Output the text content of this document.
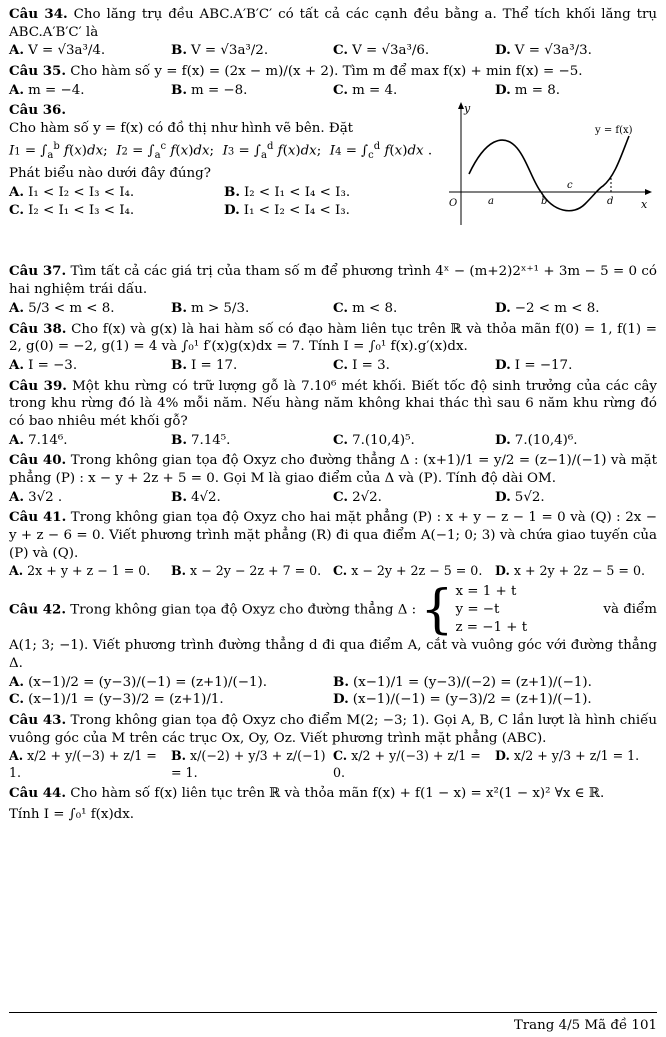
Câu 34. Cho lăng trụ đều ABC.A′B′C′ có tất cả các cạnh đều bằng a. Thể tích khối lăng trụ ABC.A′B′C′ là
A. V = √3a³/4.	B. V = √3a³/2.	C. V = √3a³/6.	D. V = √3a³/3.
Câu 35. Cho hàm số y = f(x) = (2x − m)/(x + 2). Tìm m để max f(x) + min f(x) = −5.
A. m = −4.	B. m = −8.	C. m = 4.	D. m = 8.
Câu 36.
Cho hàm số y = f(x) có đồ thị như hình vẽ bên. Đặt
$I1 = \int_a^b$ f(x)dx;  $I2 = \int_a^c$ f(x)dx;  $I3 = \int_a^d$ f(x)dx;  $I4 = \int_c^d$ f(x)dx .
Phát biểu nào dưới đây đúng?
A. I₁ < I₂ < I₃ < I₄.	B. I₂ < I₁ < I₄ < I₃.
C. I₂ < I₁ < I₃ < I₄.	D. I₁ < I₂ < I₄ < I₃.
y
x
O	a	b
c
d
y = f(x)
Câu 37. Tìm tất cả các giá trị của tham số m để phương trình 4ˣ − (m+2)2ˣ⁺¹ + 3m − 5 = 0 có hai nghiệm trái dấu.
A. 5/3 < m < 8.	B. m > 5/3.	C. m < 8.	D. −2 < m < 8.
Câu 38. Cho f(x) và g(x) là hai hàm số có đạo hàm liên tục trên ℝ và thỏa mãn f(0) = 1, f(1) = 2, g(0) = −2, g(1) = 4 và ∫₀¹ f′(x)g(x)dx = 7. Tính I = ∫₀¹ f(x).g′(x)dx.
A. I = −3.	B. I = 17.	C. I = 3.	D. I = −17.
Câu 39. Một khu rừng có trữ lượng gỗ là 7.10⁶ mét khối. Biết tốc độ sinh trưởng của các cây trong khu rừng đó là 4% mỗi năm. Nếu hàng năm không khai thác thì sau 6 năm khu rừng đó có bao nhiêu mét khối gỗ?
A. 7.14⁶.	B. 7.14⁵.	C. 7.(10,4)⁵.	D. 7.(10,4)⁶.
Câu 40. Trong không gian tọa độ Oxyz cho đường thẳng Δ : (x+1)/1 = y/2 = (z−1)/(−1) và mặt phẳng (P) : x − y + 2z + 5 = 0. Gọi M là giao điểm của Δ và (P). Tính độ dài OM.
A. 3√2 .	B. 4√2.	C. 2√2.	D. 5√2.
Câu 41. Trong không gian tọa độ Oxyz cho hai mặt phẳng (P) : x + y − z − 1 = 0 và (Q) : 2x − y + z − 6 = 0. Viết phương trình mặt phẳng (R) đi qua điểm A(−1; 0; 3) và chứa giao tuyến của (P) và (Q).
A. 2x + y + z − 1 = 0.	B. x − 2y − 2z + 7 = 0. C. x − 2y + 2z − 5 = 0.	D. x + 2y + 2z − 5 = 0.
Câu 42. Trong không gian tọa độ Oxyz cho đường thẳng Δ : { x = 1 + t
y = −t
z = −1 + t
và điểm
A(1; 3; −1). Viết phương trình đường thẳng d đi qua điểm A, cắt và vuông góc với đường thẳng Δ.
A. (x−1)/2 = (y−3)/(−1) = (z+1)/(−1).	B. (x−1)/1 = (y−3)/(−2) = (z+1)/(−1).
C. (x−1)/1 = (y−3)/2 = (z+1)/1.	D. (x−1)/(−1) = (y−3)/2 = (z+1)/(−1).
Câu 43. Trong không gian tọa độ Oxyz cho điểm M(2; −3; 1). Gọi A, B, C lần lượt là hình chiếu vuông góc của M trên các trục Ox, Oy, Oz. Viết phương trình mặt phẳng (ABC).
A. x/2 + y/(−3) + z/1 = 1.
B. x/(−2) + y/3 + z/(−1) = 1.
C. x/2 + y/(−3) + z/1 = 0.
D. x/2 + y/3 + z/1 = 1.
Câu 44. Cho hàm số f(x) liên tục trên ℝ và thỏa mãn f(x) + f(1 − x) = x²(1 − x)² ∀x ∈ ℝ.
Tính I = ∫₀¹ f(x)dx.
Trang 4/5 Mã đề 101
